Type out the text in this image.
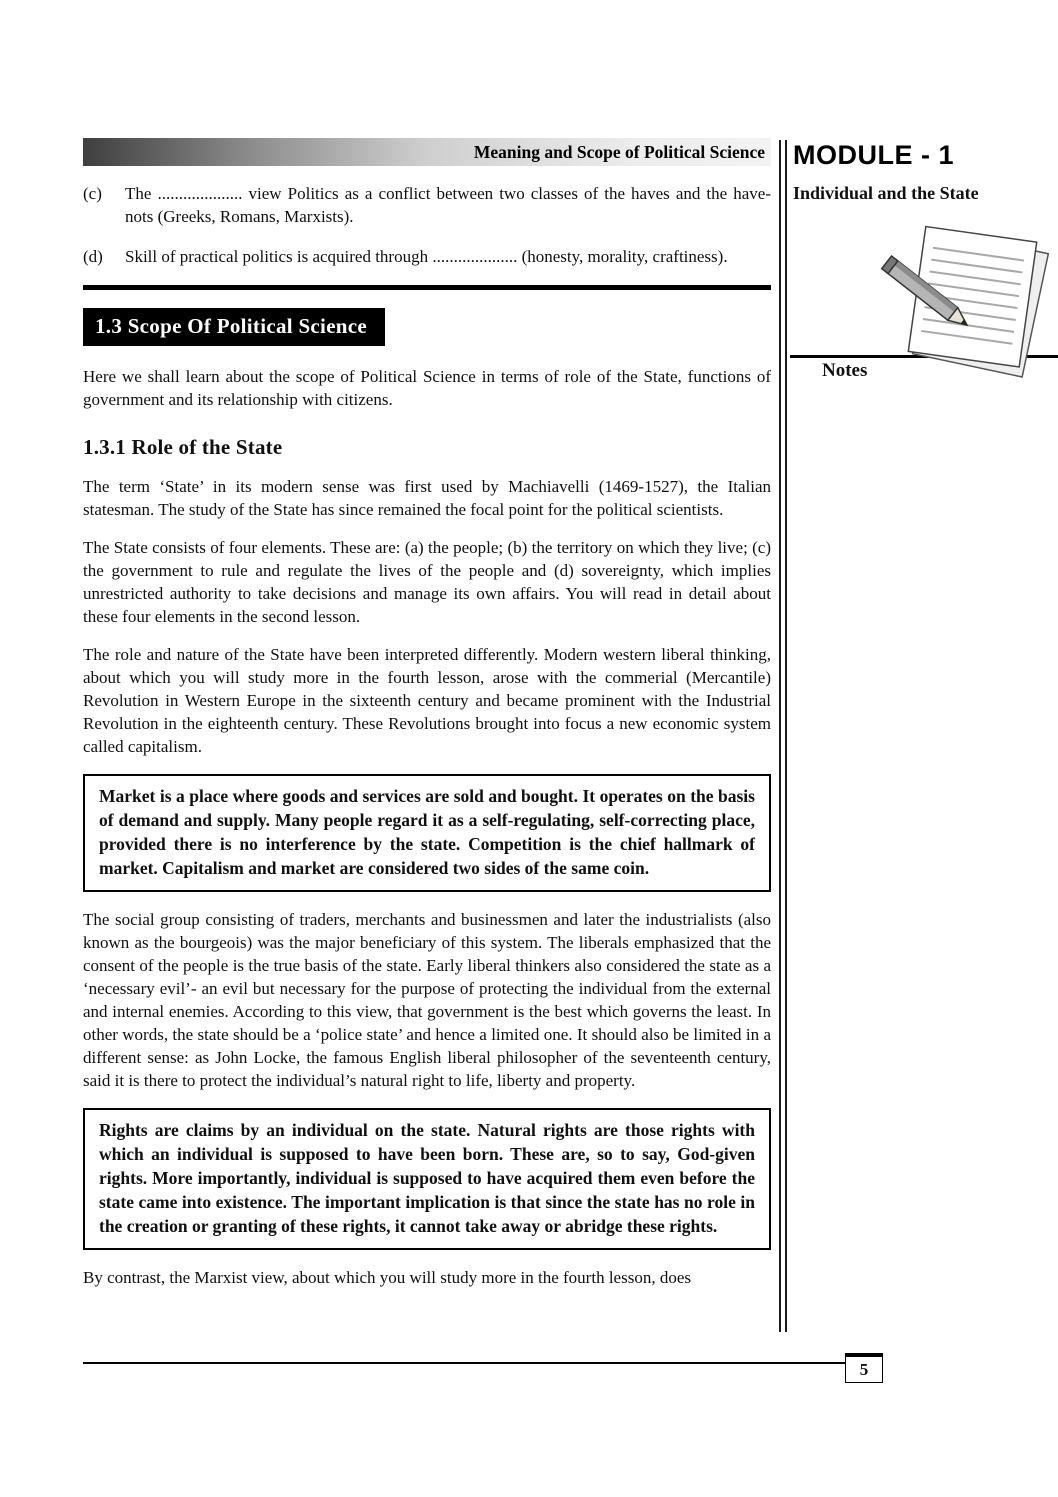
Meaning and Scope of Political Science
(c)	The .................... view Politics as a conflict between two classes of the haves and the have-nots (Greeks, Romans, Marxists).
(d)	Skill of practical politics is acquired through .................... (honesty, morality, craftiness).
1.3 Scope Of Political Science

Here we shall learn about the scope of Political Science in terms of role of the State, functions of government and its relationship with citizens.

1.3.1 Role of the State

The term ‘State’ in its modern sense was first used by Machiavelli (1469-1527), the Italian statesman. The study of the State has since remained the focal point for the political scientists.

The State consists of four elements. These are: (a) the people; (b) the territory on which they live; (c) the government to rule and regulate the lives of the people and (d) sovereignty, which implies unrestricted authority to take decisions and manage its own affairs. You will read in detail about these four elements in the second lesson.

The role and nature of the State have been interpreted differently. Modern western liberal thinking, about which you will study more in the fourth lesson, arose with the commerial (Mercantile) Revolution in Western Europe in the sixteenth century and became prominent with the Industrial Revolution in the eighteenth century. These Revolutions brought into focus a new economic system called capitalism.

Market is a place where goods and services are sold and bought. It operates on the basis of demand and supply. Many people regard it as a self-regulating, self-correcting place, provided there is no interference by the state. Competition is the chief hallmark of market. Capitalism and market are considered two sides of the same coin.

The social group consisting of traders, merchants and businessmen and later the industrialists (also known as the bourgeois) was the major beneficiary of this system. The liberals emphasized that the consent of the people is the true basis of the state. Early liberal thinkers also considered the state as a ‘necessary evil’- an evil but necessary for the purpose of protecting the individual from the external and internal enemies. According to this view, that government is the best which governs the least. In other words, the state should be a ‘police state’ and hence a limited one. It should also be limited in a different sense: as John Locke, the famous English liberal philosopher of the seventeenth century, said it is there to protect the individual’s natural right to life, liberty and property.

Rights are claims by an individual on the state. Natural rights are those rights with which an individual is supposed to have been born. These are, so to say, God-given rights. More importantly, individual is supposed to have acquired them even before the state came into existence. The important implication is that since the state has no role in the creation or granting of these rights, it cannot take away or abridge these rights.

By contrast, the Marxist view, about which you will study more in the fourth lesson, does

MODULE - 1
Individual and the State
Notes
5
